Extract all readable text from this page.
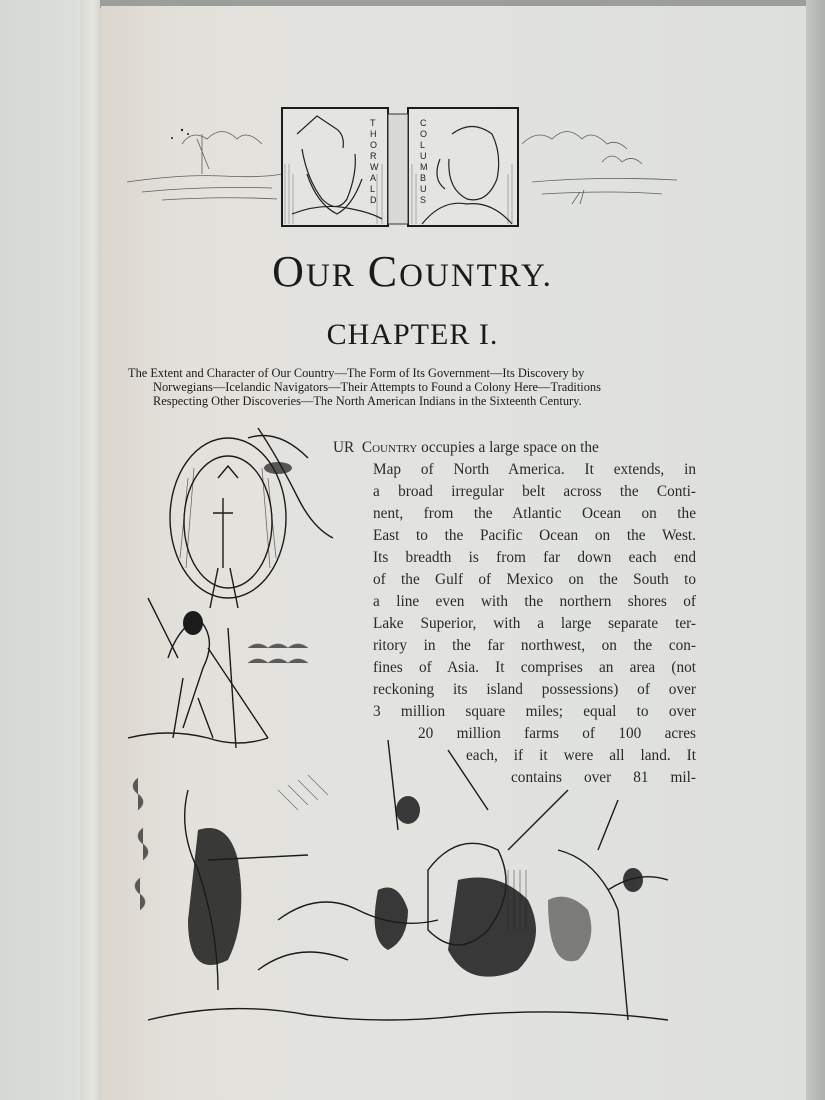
T H O R W A L D
C O L U M B U S
OUR COUNTRY.
CHAPTER I.
The Extent and Character of Our Country—The Form of Its Government—Its Discovery by
Norwegians—Icelandic Navigators—Their Attempts to Found a Colony Here—Traditions
Respecting Other Discoveries—The North American Indians in the Sixteenth Century.
UR Country occupies a large space on the
Map of North America. It extends, in
a broad irregular belt across the Conti-
nent, from the Atlantic Ocean on the
East to the Pacific Ocean on the West.
Its breadth is from far down each end
of the Gulf of Mexico on the South to
a line even with the northern shores of
Lake Superior, with a large separate ter-
ritory in the far northwest, on the con-
fines of Asia. It comprises an area (not
reckoning its island possessions) of over
3 million square miles; equal to over
20 million farms of 100 acres
each, if it were all land. It
contains over 81 mil-
